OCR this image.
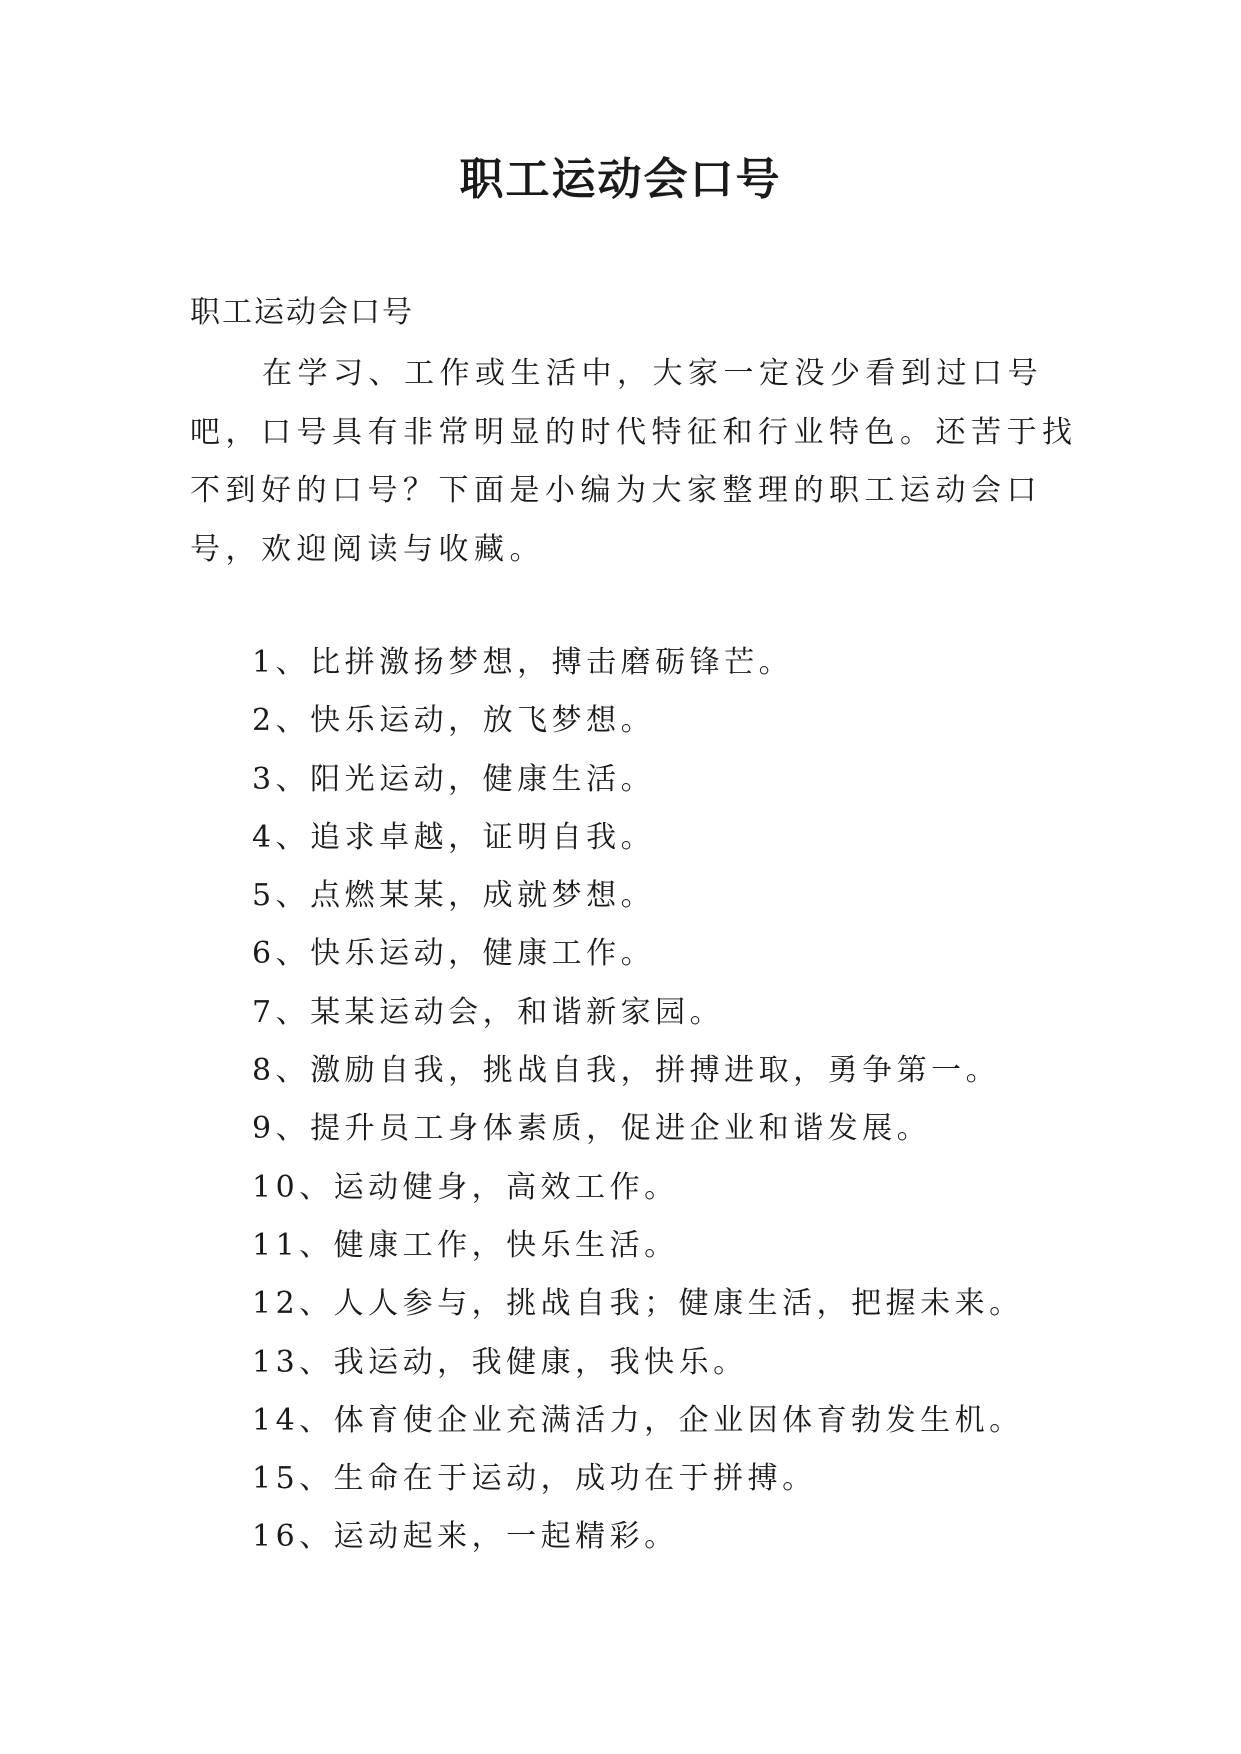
职工运动会口号

职工运动会口号

在学习、工作或生活中，大家一定没少看到过口号吧，口号具有非常明显的时代特征和行业特色。还苦于找不到好的口号？下面是小编为大家整理的职工运动会口号，欢迎阅读与收藏。

1、比拼激扬梦想，搏击磨砺锋芒。
2、快乐运动，放飞梦想。
3、阳光运动，健康生活。
4、追求卓越，证明自我。
5、点燃某某，成就梦想。
6、快乐运动，健康工作。
7、某某运动会，和谐新家园。
8、激励自我，挑战自我，拼搏进取，勇争第一。
9、提升员工身体素质，促进企业和谐发展。
10、运动健身，高效工作。
11、健康工作，快乐生活。
12、人人参与，挑战自我；健康生活，把握未来。
13、我运动，我健康，我快乐。
14、体育使企业充满活力，企业因体育勃发生机。
15、生命在于运动，成功在于拼搏。
16、运动起来，一起精彩。
